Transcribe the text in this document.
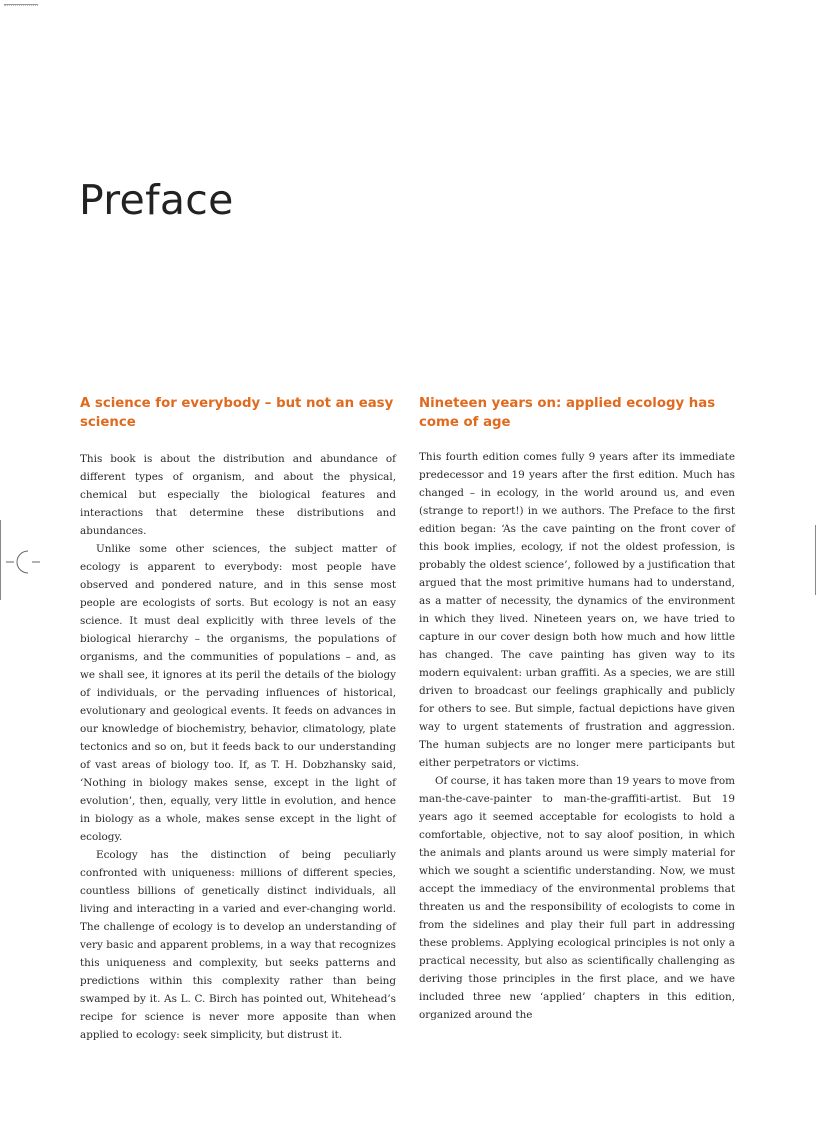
Preface
A science for everybody – but not an easy science

This book is about the distribution and abundance of different types of organism, and about the physical, chemical but especially the biological features and interactions that determine these distributions and abundances.

Unlike some other sciences, the subject matter of ecology is apparent to everybody: most people have observed and pondered nature, and in this sense most people are ecologists of sorts. But ecology is not an easy science. It must deal explicitly with three levels of the biological hierarchy – the organisms, the populations of organisms, and the communities of populations – and, as we shall see, it ignores at its peril the details of the biology of individuals, or the pervading influences of historical, evolutionary and geological events. It feeds on advances in our knowledge of biochemistry, behavior, climatology, plate tectonics and so on, but it feeds back to our understanding of vast areas of biology too. If, as T. H. Dobzhansky said, ‘Nothing in biology makes sense, except in the light of evolution’, then, equally, very little in evolution, and hence in biology as a whole, makes sense except in the light of ecology.

Ecology has the distinction of being peculiarly confronted with uniqueness: millions of different species, countless billions of genetically distinct individuals, all living and interacting in a varied and ever-changing world. The challenge of ecology is to develop an understanding of very basic and apparent problems, in a way that recognizes this uniqueness and complexity, but seeks patterns and predictions within this complexity rather than being swamped by it. As L. C. Birch has pointed out, Whitehead’s recipe for science is never more apposite than when applied to ecology: seek simplicity, but distrust it.

Nineteen years on: applied ecology has come of age

This fourth edition comes fully 9 years after its immediate predecessor and 19 years after the first edition. Much has changed – in ecology, in the world around us, and even (strange to report!) in we authors. The Preface to the first edition began: ‘As the cave painting on the front cover of this book implies, ecology, if not the oldest profession, is probably the oldest science’, followed by a justification that argued that the most primitive humans had to understand, as a matter of necessity, the dynamics of the environment in which they lived. Nineteen years on, we have tried to capture in our cover design both how much and how little has changed. The cave painting has given way to its modern equivalent: urban graffiti. As a species, we are still driven to broadcast our feelings graphically and publicly for others to see. But simple, factual depictions have given way to urgent statements of frustration and aggression. The human subjects are no longer mere participants but either perpetrators or victims.

Of course, it has taken more than 19 years to move from man-the-cave-painter to man-the-graffiti-artist. But 19 years ago it seemed acceptable for ecologists to hold a comfortable, objective, not to say aloof position, in which the animals and plants around us were simply material for which we sought a scientific understanding. Now, we must accept the immediacy of the environmental problems that threaten us and the responsibility of ecologists to come in from the sidelines and play their full part in addressing these problems. Applying ecological principles is not only a practical necessity, but also as scientifically challenging as deriving those principles in the first place, and we have included three new ‘applied’ chapters in this edition, organized around the
